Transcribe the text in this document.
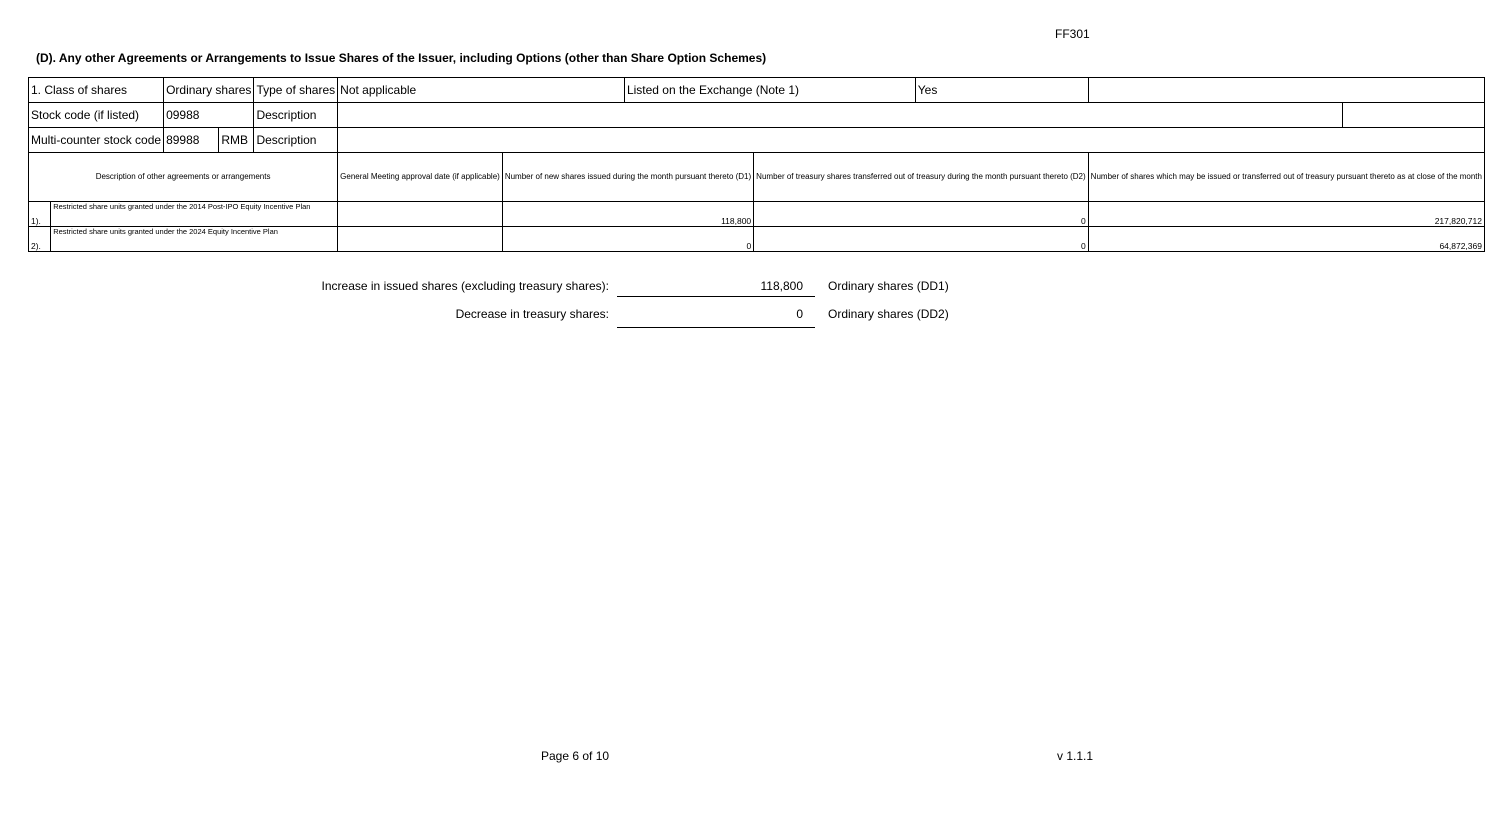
FF301
(D). Any other Agreements or Arrangements to Issue Shares of the Issuer, including Options (other than Share Option Schemes)
1. Class of shares		Ordinary shares		Type of shares	Not applicable		Listed on the Exchange (Note 1)		Yes		
Stock code (if listed)		09988		Description							
Multi-counter stock code		89988	RMB	Description							
Description of other agreements or arrangements					General Meeting approval date (if applicable)	Number of new shares issued during the month pursuant thereto (D1)		Number of treasury shares transferred out of treasury during the month pursuant thereto (D2)		Number of shares which may be issued or transferred out of treasury pursuant thereto as at close of the month	
1).	Restricted share units granted under the 2014 Post-IPO Equity Incentive Plan					118,800		0		217,820,712	
2).	Restricted share units granted under the 2024 Equity Incentive Plan					0		0		64,872,369	
Increase in issued shares (excluding treasury shares):	118,800 Ordinary shares (DD1)
Decrease in treasury shares:	0 Ordinary shares (DD2)
Page 6 of 10	v 1.1.1
